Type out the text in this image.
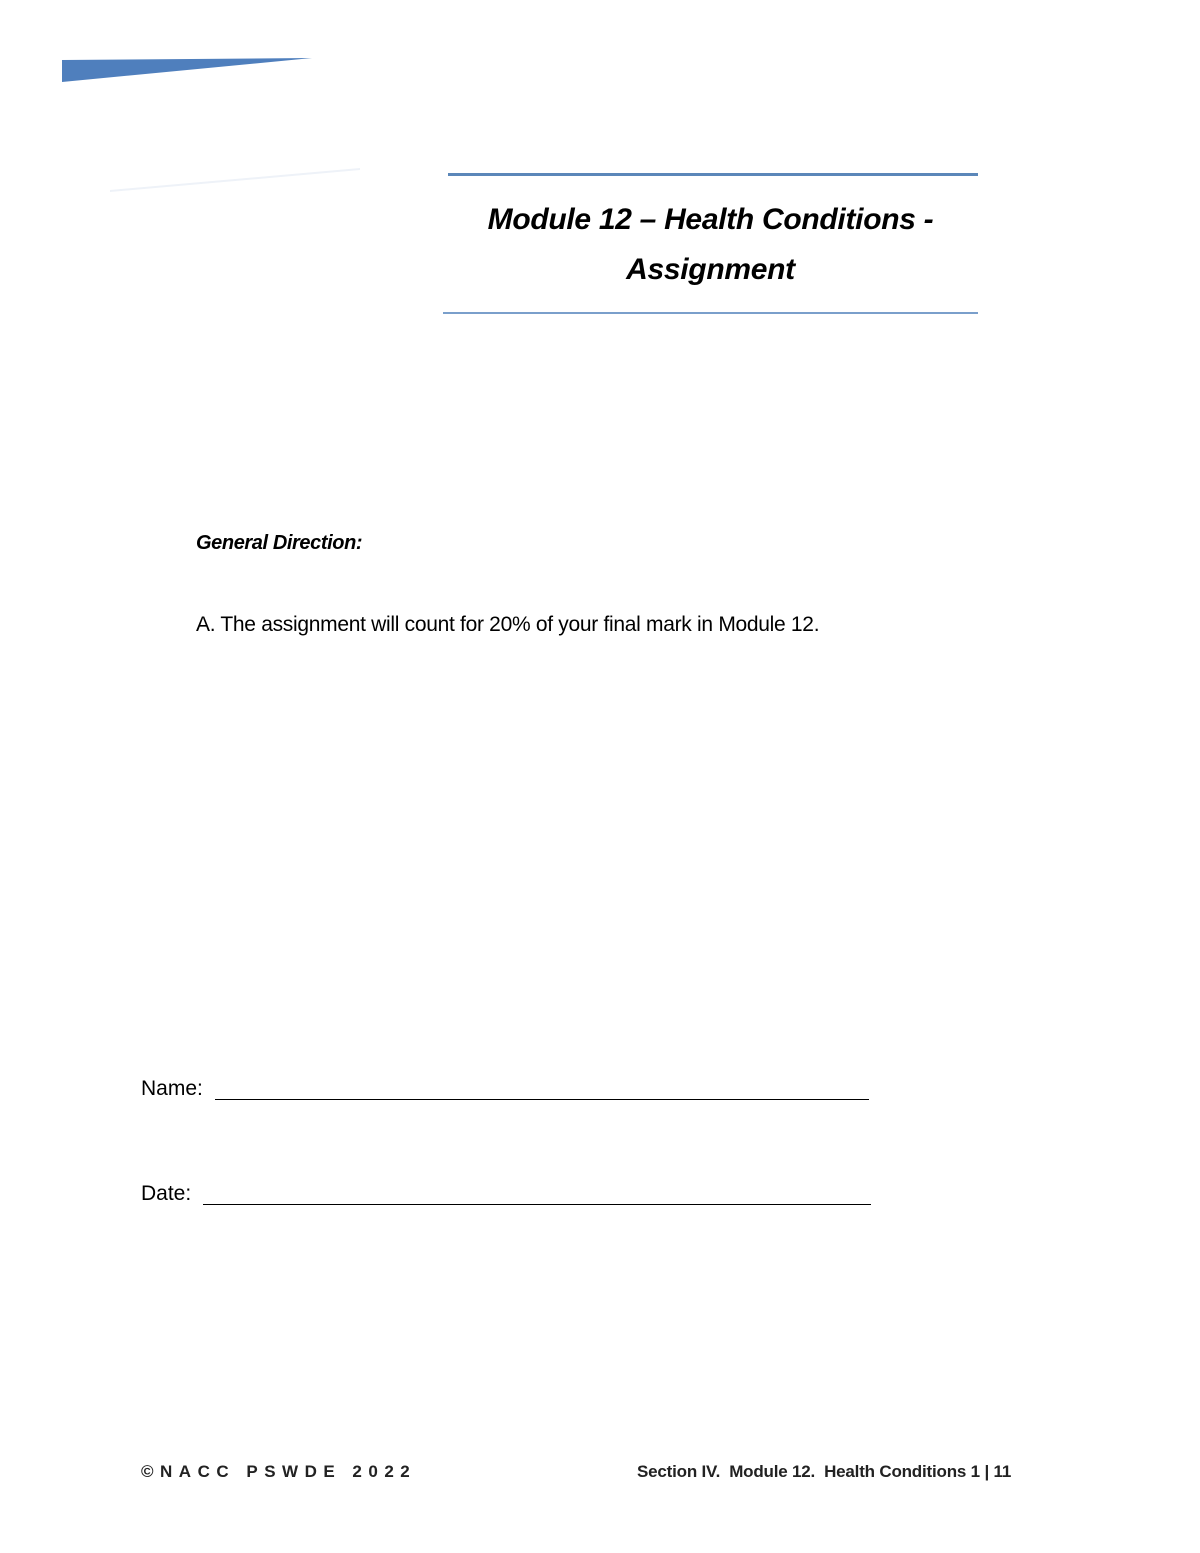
Module 12 – Health Conditions -
Assignment
General Direction:
A. The assignment will count for 20% of your final mark in Module 12.
Name:
Date:
©NACC PSWDE 2022	Section IV.  Module 12.  Health Conditions 1 | 11
